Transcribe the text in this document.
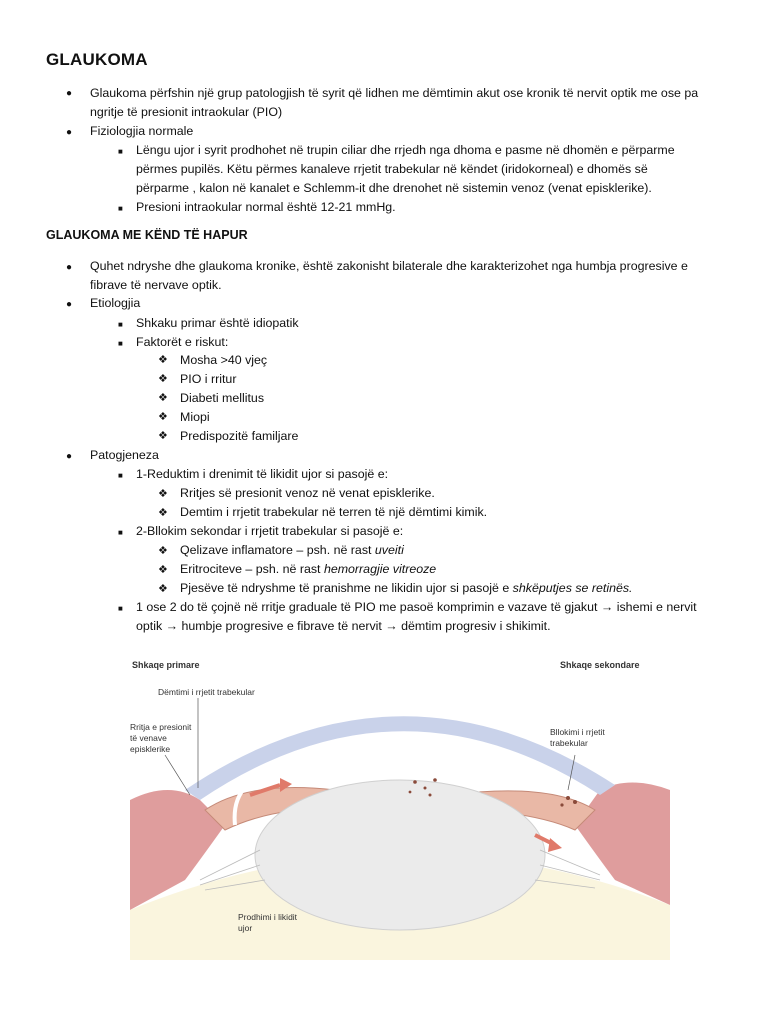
GLAUKOMA
● Glaukoma përfshin një grup patologjish të syrit që lidhen me dëmtimin akut ose kronik të nervit optik me ose pa
ngritje të presionit intraokular (PIO)
● Fiziologjia normale
■ Lëngu ujor i syrit prodhohet në trupin ciliar dhe rrjedh nga dhoma e pasme në dhomën e përparme
përmes pupilës. Këtu përmes kanaleve rrjetit trabekular në këndet (iridokorneal) e dhomës së
përparme , kalon në kanalet e Schlemm-it dhe drenohet në sistemin venoz (venat episklerike).
■ Presioni intraokular normal është 12-21 mmHg.
GLAUKOMA ME KËND TË HAPUR
● Quhet ndryshe dhe glaukoma kronike, është zakonisht bilaterale dhe karakterizohet nga humbja progresive e
fibrave të nervave optik.
● Etiologjia
■ Shkaku primar është idiopatik
■ Faktorët e riskut:
❖ Mosha >40 vjeç
❖ PIO i rritur
❖ Diabeti mellitus
❖ Miopi
❖ Predispozitë familjare
● Patogjeneza
■ 1-Reduktim i drenimit të likidit ujor si pasojë e:
❖ Rritjes së presionit venoz në venat episklerike.
❖ Demtim i rrjetit trabekular në terren të një dëmtimi kimik.
■ 2-Bllokim sekondar i rrjetit trabekular si pasojë e:
❖ Qelizave inflamatore – psh. në rast uveiti
❖ Eritrociteve – psh. në rast hemorragjie vitreoze
❖ Pjesëve të ndryshme të pranishme ne likidin ujor si pasojë e shkëputjes se retinës.
■ 1 ose 2 do të çojnë në rritje graduale të PIO me pasoë komprimin e vazave të gjakut → ishemi e nervit
optik → humbje progresive e fibrave të nervit → dëmtim progresiv i shikimit.
Shkaqe primare	Shkaqe sekondare
Dëmtimi i rrjetit trabekular
Rritja e presionit
të venave
episklerike
Bllokimi i rrjetit
trabekular
Prodhimi i likidit
ujor
